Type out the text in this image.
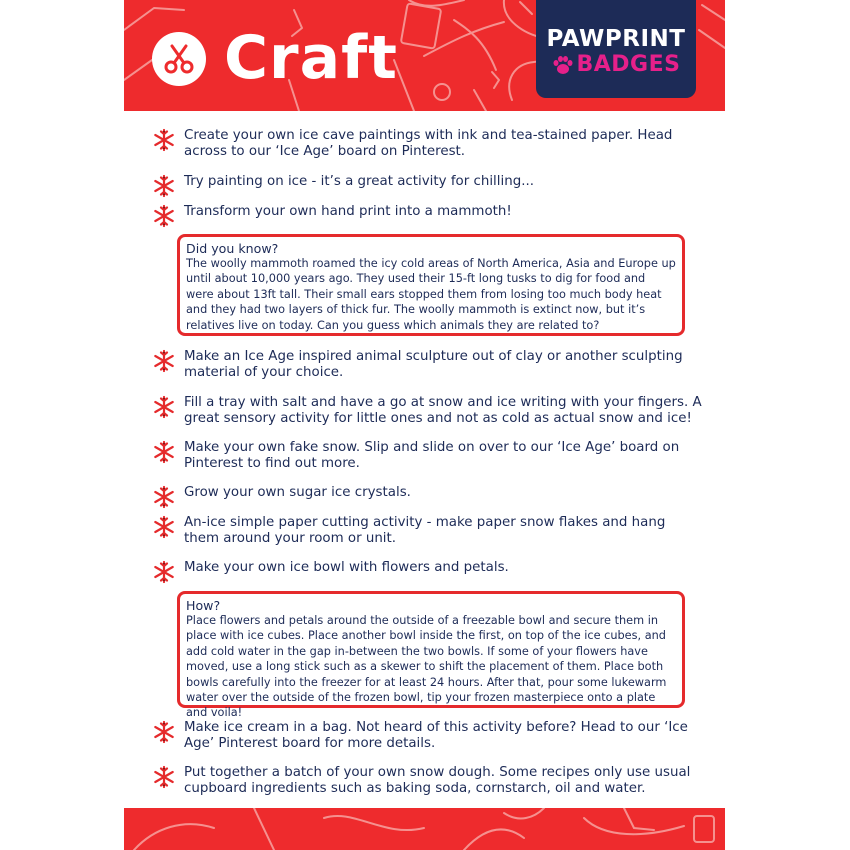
Craft	PAWPRINT
BADGES
Create your own ice cave paintings with ink and tea-stained paper. Head across to our ‘Ice Age’ board on Pinterest.
Try painting on ice - it’s a great activity for chilling...
Transform your own hand print into a mammoth!
Did you know?
The woolly mammoth roamed the icy cold areas of North America, Asia and Europe up until about 10,000 years ago. They used their 15-ft long tusks to dig for food and were about 13ft tall. Their small ears stopped them from losing too much body heat and they had two layers of thick fur. The woolly mammoth is extinct now, but it’s relatives live on today. Can you guess which animals they are related to?
Make an Ice Age inspired animal sculpture out of clay or another sculpting material of your choice.
Fill a tray with salt and have a go at snow and ice writing with your fingers. A great sensory activity for little ones and not as cold as actual snow and ice!
Make your own fake snow. Slip and slide on over to our ‘Ice Age’ board on Pinterest to find out more.
Grow your own sugar ice crystals.
An-ice simple paper cutting activity - make paper snow flakes and hang them around your room or unit.
Make your own ice bowl with flowers and petals.
How?
Place flowers and petals around the outside of a freezable bowl and secure them in place with ice cubes. Place another bowl inside the first, on top of the ice cubes, and add cold water in the gap in-between the two bowls. If some of your flowers have moved, use a long stick such as a skewer to shift the placement of them. Place both bowls carefully into the freezer for at least 24 hours. After that, pour some lukewarm water over the outside of the frozen bowl, tip your frozen masterpiece onto a plate and voila!
Make ice cream in a bag. Not heard of this activity before? Head to our ‘Ice Age’ Pinterest board for more details.
Put together a batch of your own snow dough. Some recipes only use usual cupboard ingredients such as baking soda, cornstarch, oil and water.
